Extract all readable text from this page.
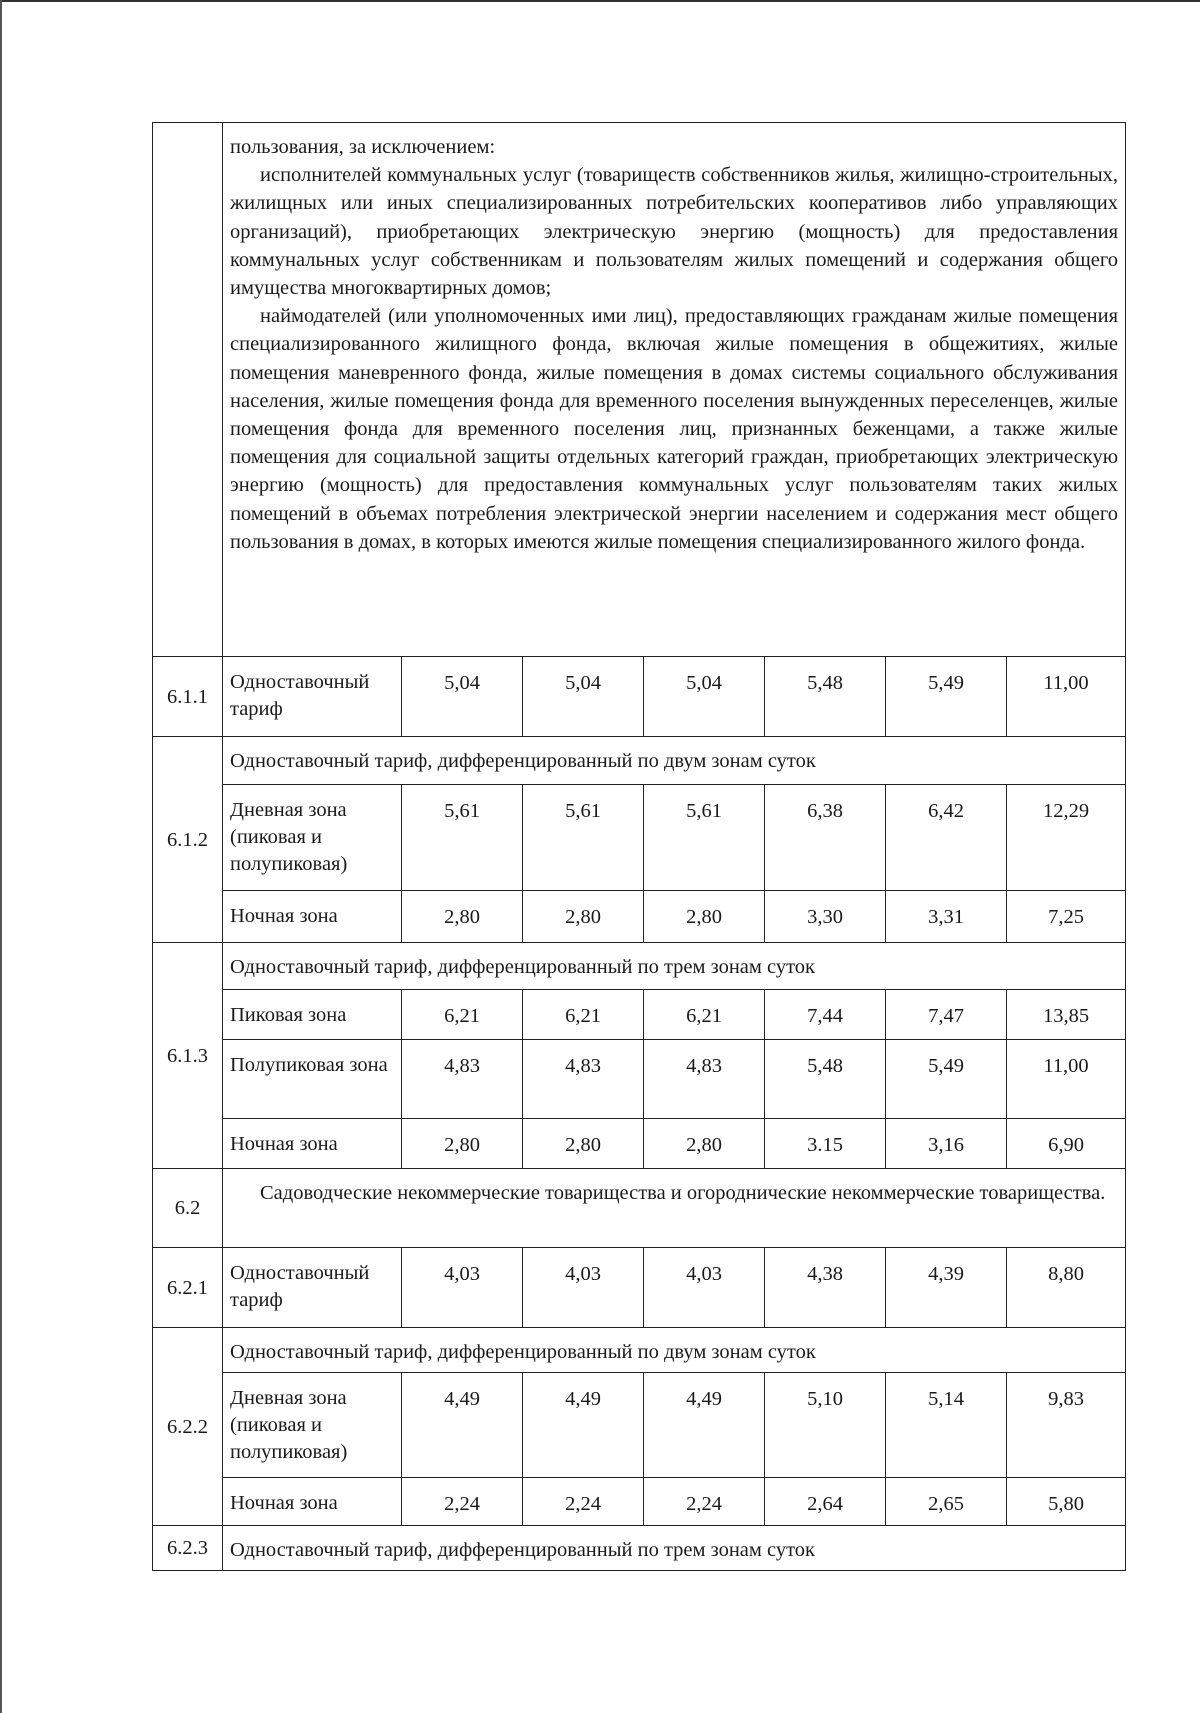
	пользования, за исключением:

исполнителей коммунальных услуг (товариществ собственников жилья, жилищно-строительных, жилищных или иных специализированных потребительских кооперативов либо управляющих организаций), приобретающих электрическую энергию (мощность) для предоставления коммунальных услуг собственникам и пользователям жилых помещений и содержания общего имущества многоквартирных домов;

наймодателей (или уполномоченных ими лиц), предоставляющих гражданам жилые помещения специализированного жилищного фонда, включая жилые помещения в общежитиях, жилые помещения маневренного фонда, жилые помещения в домах системы социального обслуживания населения, жилые помещения фонда для временного поселения вынужденных переселенцев, жилые помещения фонда для временного поселения лиц, признанных беженцами, а также жилые помещения для социальной защиты отдельных категорий граждан, приобретающих электрическую энергию (мощность) для предоставления коммунальных услуг пользователям таких жилых помещений в объемах потребления электрической энергии населением и содержания мест общего пользования в домах, в которых имеются жилые помещения специализированного жилого фонда.						

6.1.1	Одноставочный тариф	5,04	5,04	5,04	5,48	5,49	11,00
6.1.2	Одноставочный тариф, дифференцированный по двум зонам суток						
	Дневная зона (пиковая и полупиковая)	5,61	5,61	5,61	6,38	6,42	12,29
	Ночная зона	2,80	2,80	2,80	3,30	3,31	7,25
6.1.3	Одноставочный тариф, дифференцированный по трем зонам суток						
	Пиковая зона	6,21	6,21	6,21	7,44	7,47	13,85
	Полупиковая зона	4,83	4,83	4,83	5,48	5,49	11,00
	Ночная зона	2,80	2,80	2,80	3.15	3,16	6,90
6.2	Садоводческие некоммерческие товарищества и огороднические некоммерческие товарищества.						
6.2.1	Одноставочный тариф	4,03	4,03	4,03	4,38	4,39	8,80
6.2.2	Одноставочный тариф, дифференцированный по двум зонам суток						
	Дневная зона (пиковая и полупиковая)	4,49	4,49	4,49	5,10	5,14	9,83
	Ночная зона	2,24	2,24	2,24	2,64	2,65	5,80
6.2.3	Одноставочный тариф, дифференцированный по трем зонам суток						
